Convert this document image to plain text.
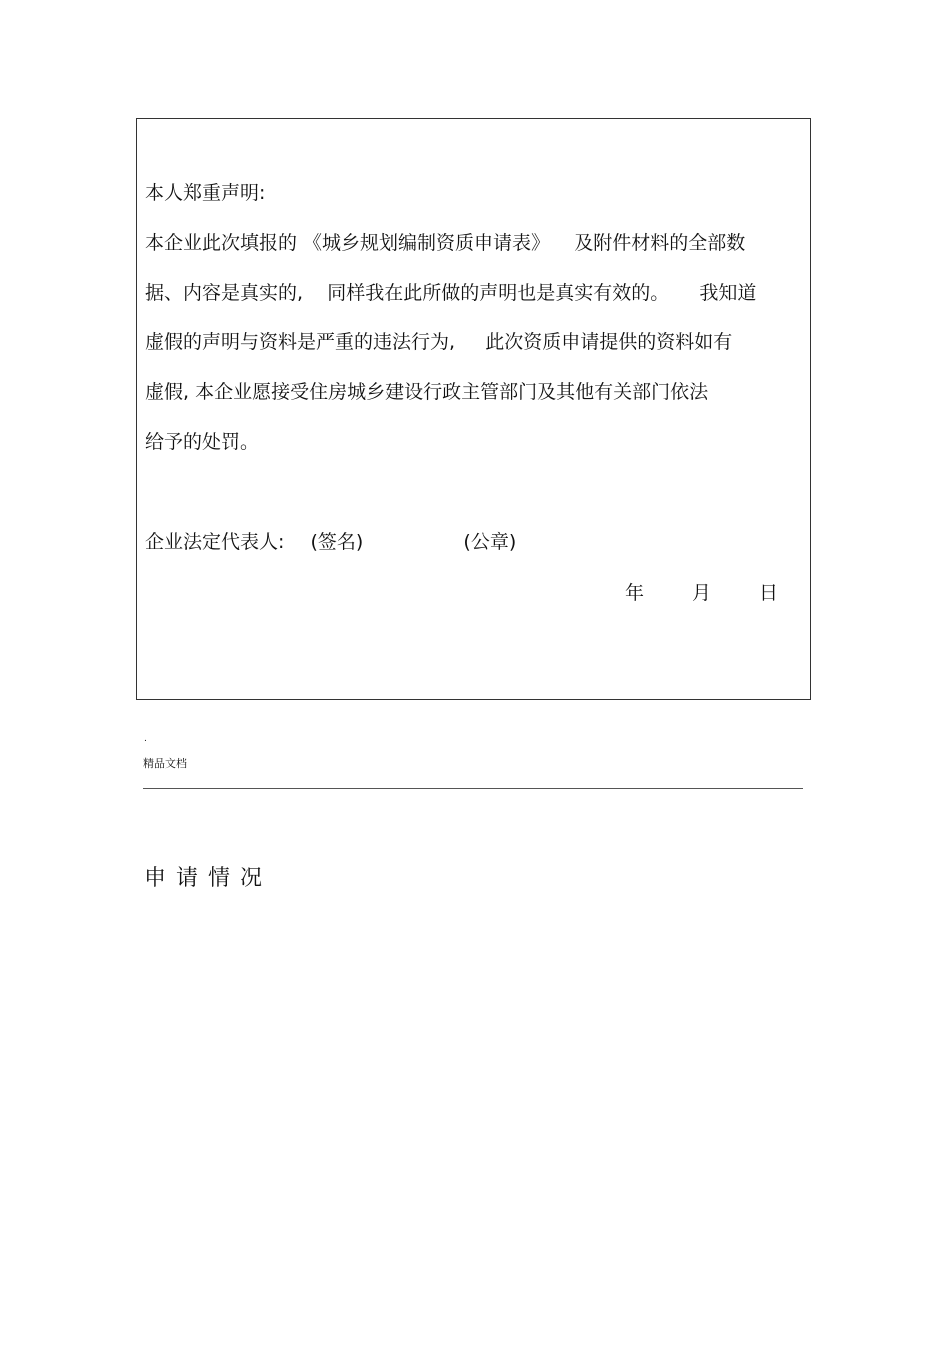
本人郑重声明:
本企业此次填报的 《城乡规划编制资质申请表》    及附件材料的全部数
据、内容是真实的,    同样我在此所做的声明也是真实有效的。     我知道
虚假的声明与资料是严重的违法行为,     此次资质申请提供的资料如有
虚假, 本企业愿接受住房城乡建设行政主管部门及其他有关部门依法
给予的处罚。
企业法定代表人: (签名)	(公章)
年	月	日
.
精品文档
申请情况
